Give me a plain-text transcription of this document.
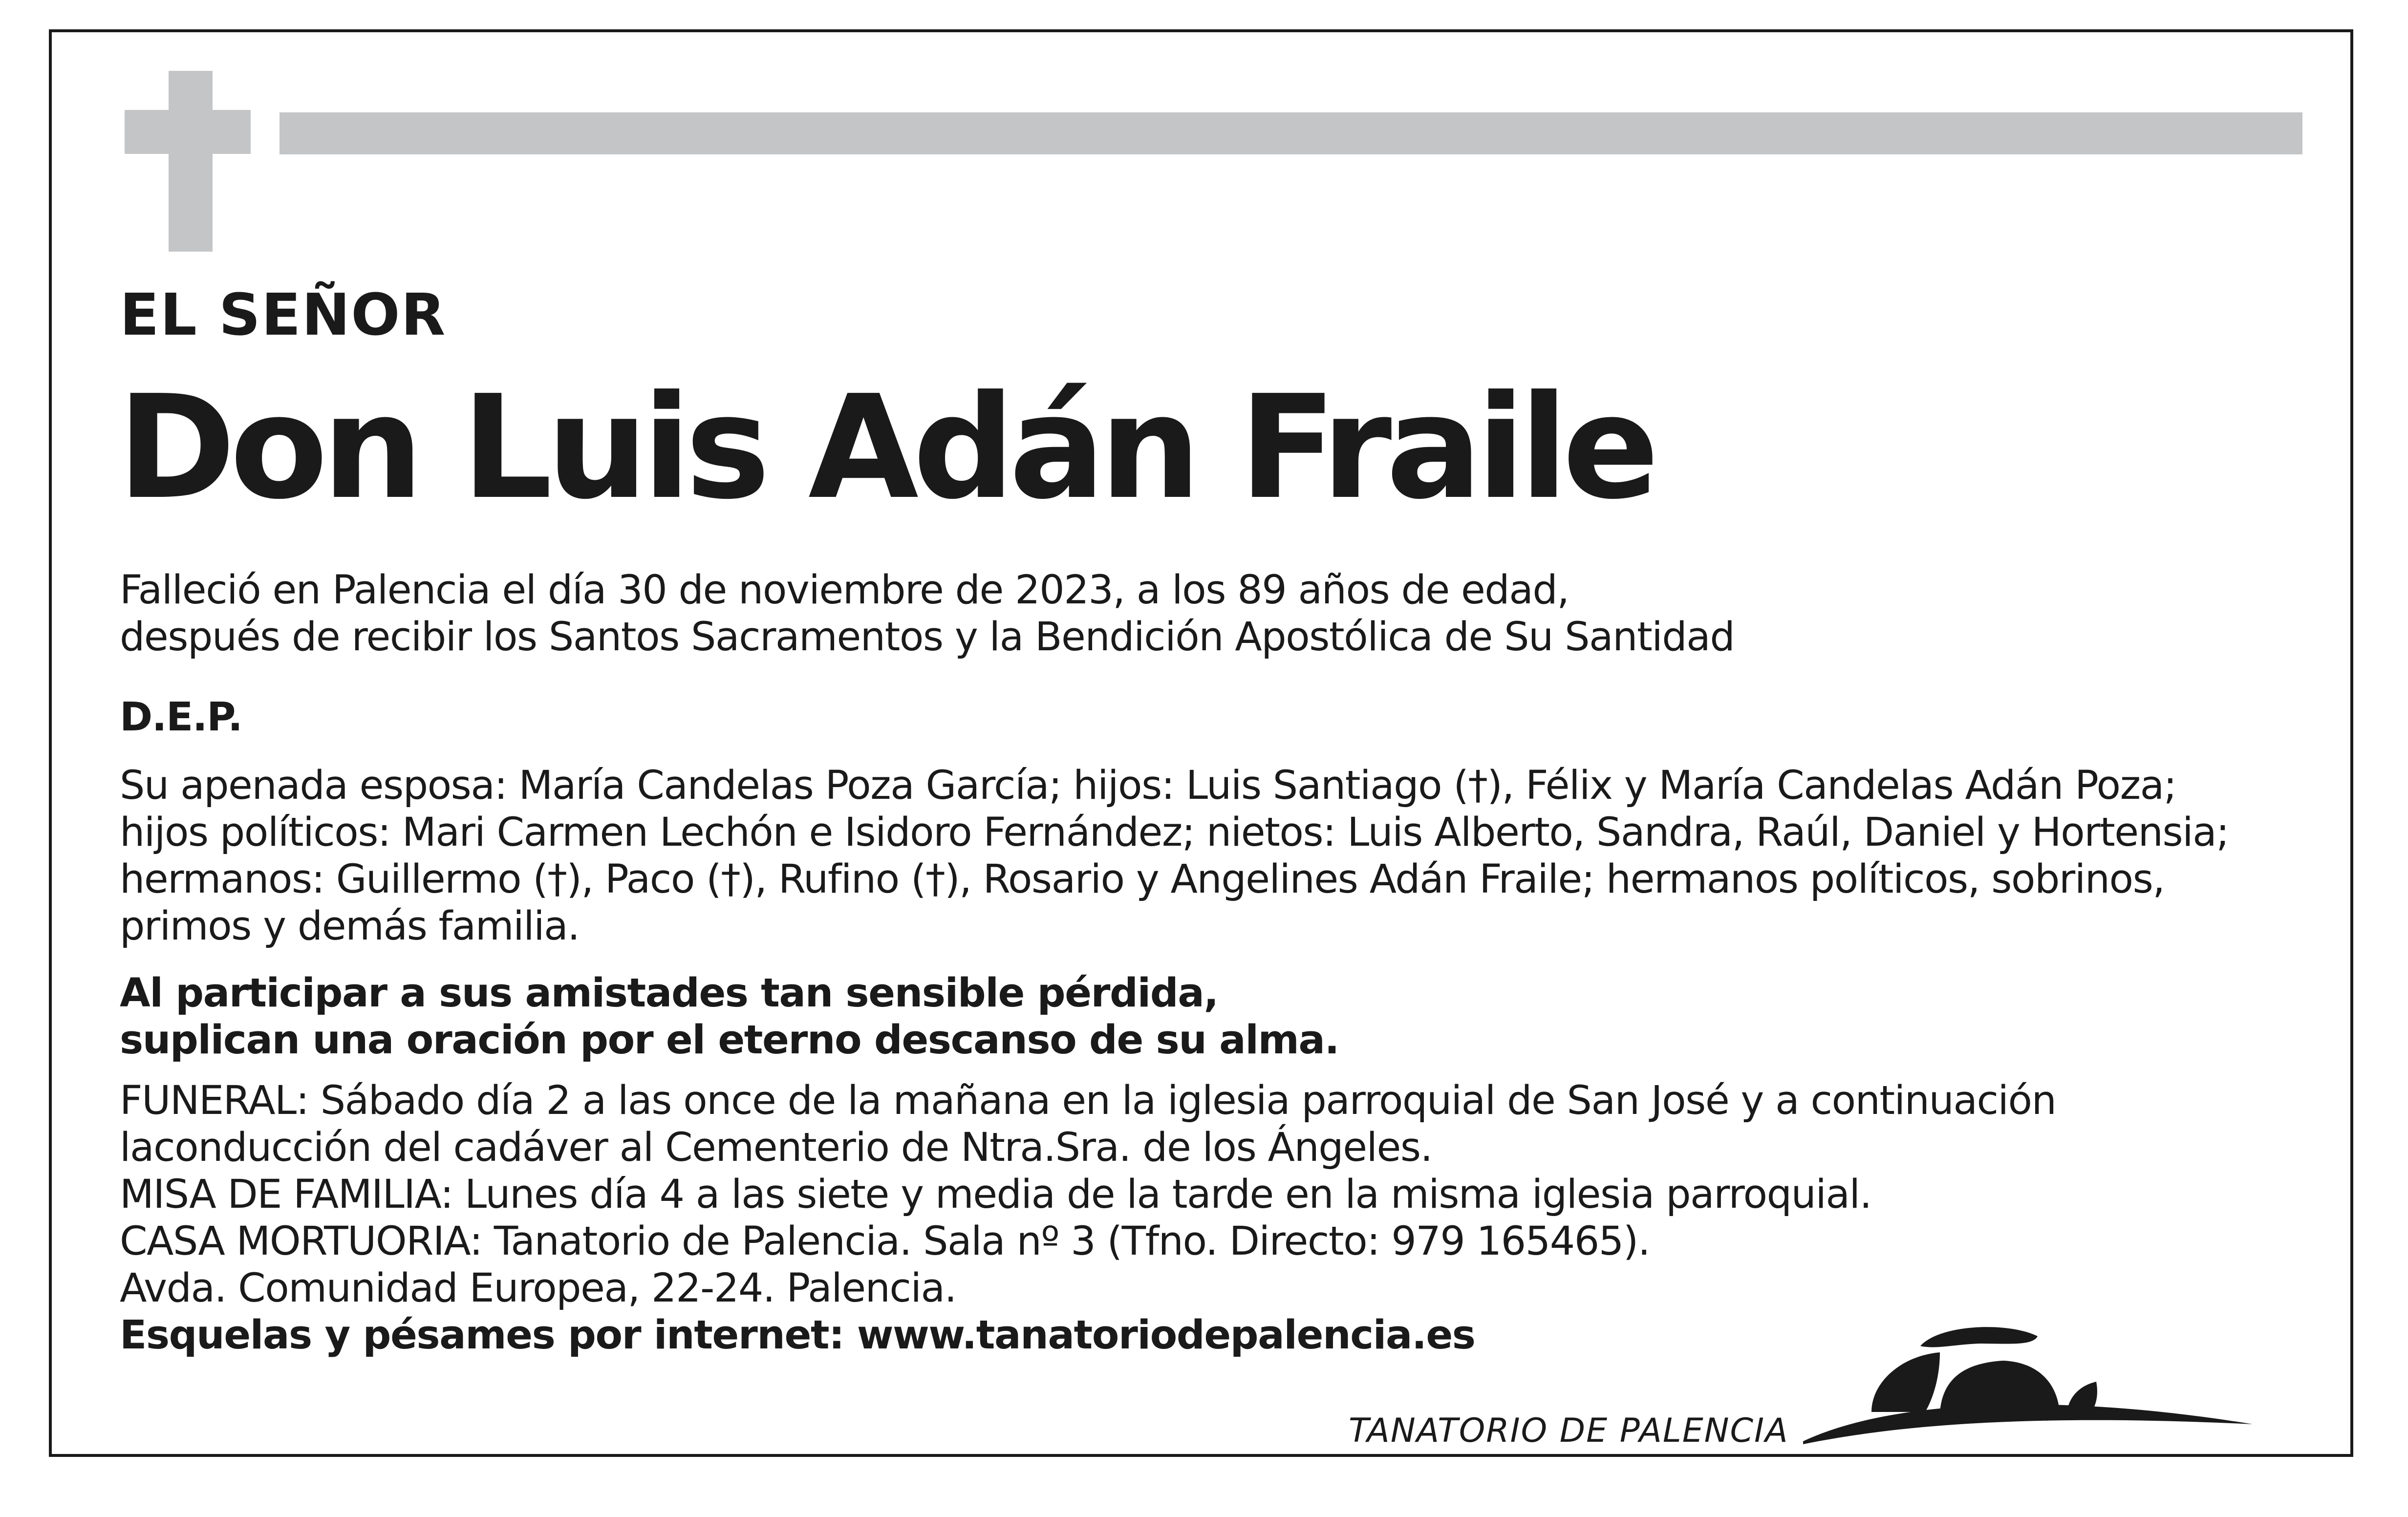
EL SEÑOR
Don Luis Adán Fraile
Falleció en Palencia el día 30 de noviembre de 2023, a los 89 años de edad,
después de recibir los Santos Sacramentos y la Bendición Apostólica de Su Santidad
D.E.P.
Su apenada esposa: María Candelas Poza García; hijos: Luis Santiago (†), Félix y María Candelas Adán Poza;
hijos políticos: Mari Carmen Lechón e Isidoro Fernández; nietos: Luis Alberto, Sandra, Raúl, Daniel y Hortensia;
hermanos: Guillermo (†), Paco (†), Rufino (†), Rosario y Angelines Adán Fraile; hermanos políticos, sobrinos,
primos y demás familia.
Al participar a sus amistades tan sensible pérdida,
suplican una oración por el eterno descanso de su alma.
FUNERAL: Sábado día 2 a las once de la mañana en la iglesia parroquial de San José y a continuación
laconducción del cadáver al Cementerio de Ntra.Sra. de los Ángeles.
MISA DE FAMILIA: Lunes día 4 a las siete y media de la tarde en la misma iglesia parroquial.
CASA MORTUORIA: Tanatorio de Palencia. Sala nº 3 (Tfno. Directo: 979 165465).
Avda. Comunidad Europea, 22-24. Palencia.
Esquelas y pésames por internet: www.tanatoriodepalencia.es
TANATORIO DE PALENCIA
